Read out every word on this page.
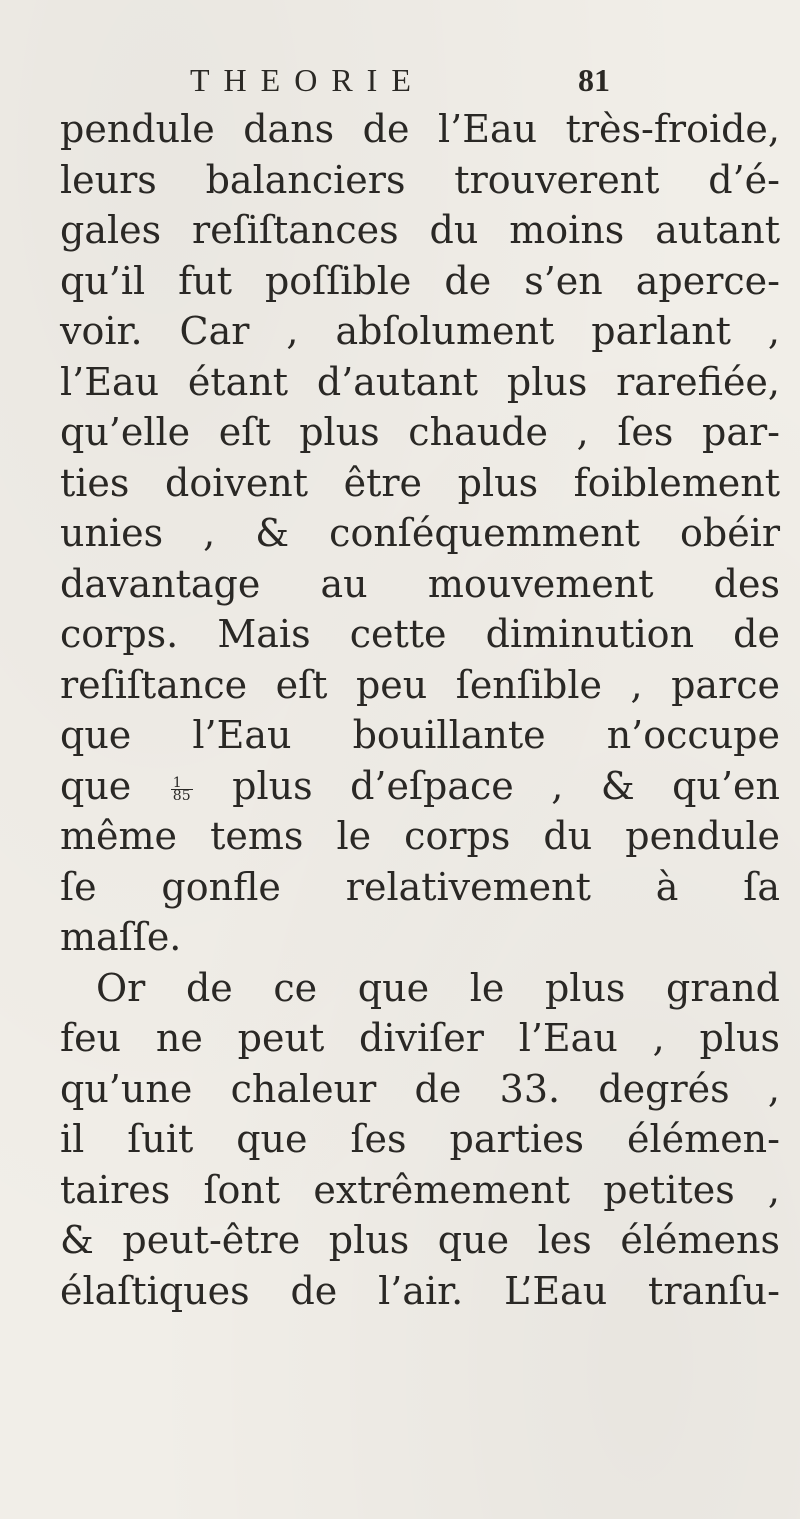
THEORIE	81
pendule dans de l’Eau très-froide,
leurs balanciers trouverent d’é-
gales reſiſtances du moins autant
qu’il fut poſſible de s’en aperce-
voir. Car , abſolument parlant ,
l’Eau étant d’autant plus rarefiée,
qu’elle eſt plus chaude , ſes par-
ties doivent être plus foiblement
unies , & conſéquemment obéir
davantage au mouvement des
corps. Mais cette diminution de
reſiſtance eſt peu ſenſible , parce
que l’Eau bouillante n’occupe
que	$\frac{1}{85}$ plus d’eſpace , & qu’en
même tems le corps du pendule
ſe gonfle relativement à ſa
maſſe.
Or de ce que le plus grand
feu ne peut diviſer l’Eau , plus
qu’une chaleur de 33. degrés ,
il ſuit que ſes parties élémen-
taires ſont extrêmement petites ,
& peut-être plus que les élémens
élaſtiques de l’air. L’Eau tranſu-
